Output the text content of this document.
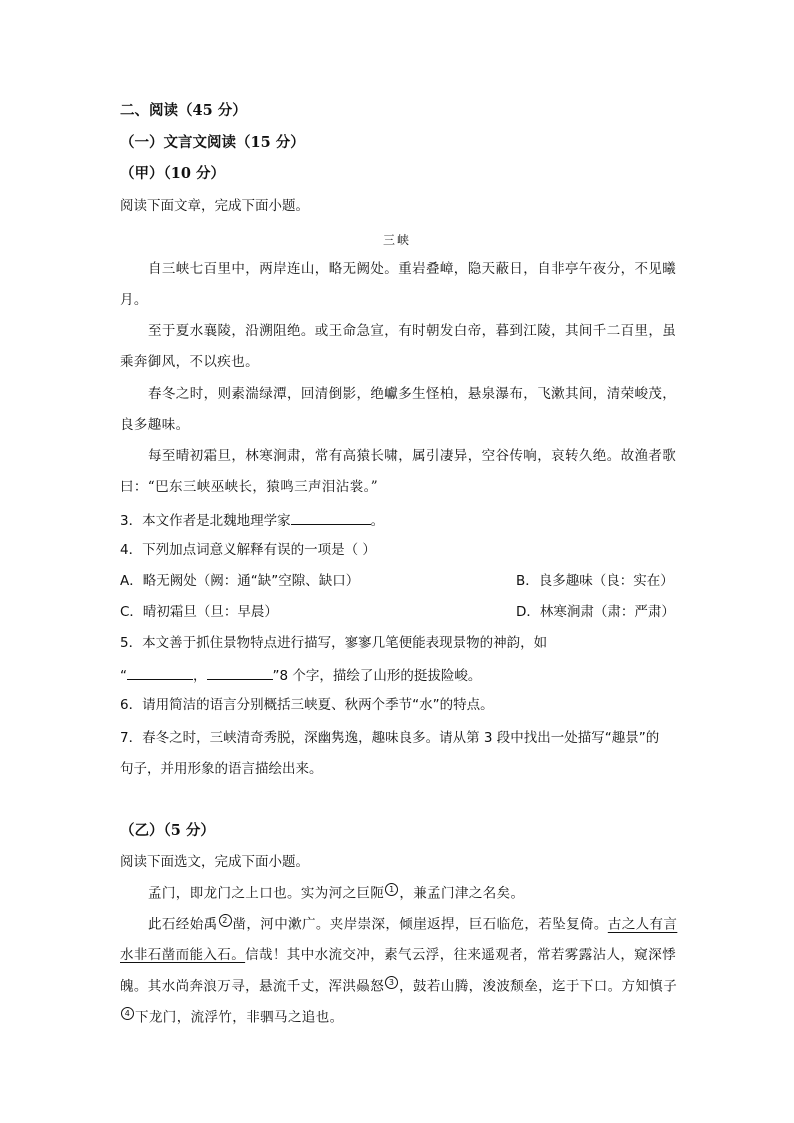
二、阅读（45 分）
（一）文言文阅读（15 分）
（甲）（10 分）
阅读下面文章，完成下面小题。
三峡
自三峡七百里中，两岸连山，略无阙处。重岩叠嶂，隐天蔽日，自非亭午夜分，不见曦
月。
至于夏水襄陵，沿溯阻绝。或王命急宣，有时朝发白帝，暮到江陵，其间千二百里，虽
乘奔御风，不以疾也。
春冬之时，则素湍绿潭，回清倒影，绝巘多生怪柏，悬泉瀑布，飞漱其间，清荣峻茂，
良多趣味。
每至晴初霜旦，林寒涧肃，常有高猿长啸，属引凄异，空谷传响，哀转久绝。故渔者歌
曰：“巴东三峡巫峡长，猿鸣三声泪沾裳。”
3．本文作者是北魏地理学家	。
4．下列加点词意义解释有误的一项是（ ）
A．略无阙处（阙：通“缺”空隙、缺口）	B．良多趣味（良：实在）
C．晴初霜旦（旦：早晨）	D．林寒涧肃（肃：严肃）
5．本文善于抓住景物特点进行描写，寥寥几笔便能表现景物的神韵，如
“	，	”8 个字，描绘了山形的挺拔险峻。
6．请用简洁的语言分别概括三峡夏、秋两个季节“水”的特点。
7．春冬之时，三峡清奇秀脱，深幽隽逸，趣味良多。请从第 3 段中找出一处描写“趣景”的
句子，并用形象的语言描绘出来。
（乙）（5 分）
阅读下面选文，完成下面小题。
孟门，即龙门之上口也。实为河之巨阨 1 ，兼孟门津之名矣。
此石经始禹 2 凿，河中漱广。夹岸崇深，倾崖返捍，巨石临危，若坠复倚。古之人有言
水非石凿而能入石。信哉！其中水流交冲，素气云浮，往来遥观者，常若雾露沾人，窥深悸
魄。其水尚奔浪万寻，悬流千丈，浑洪赑怒 3 ，鼓若山腾，浚波颓垒，迄于下口。方知慎子
4 下龙门，流浮竹，非驷马之追也。
